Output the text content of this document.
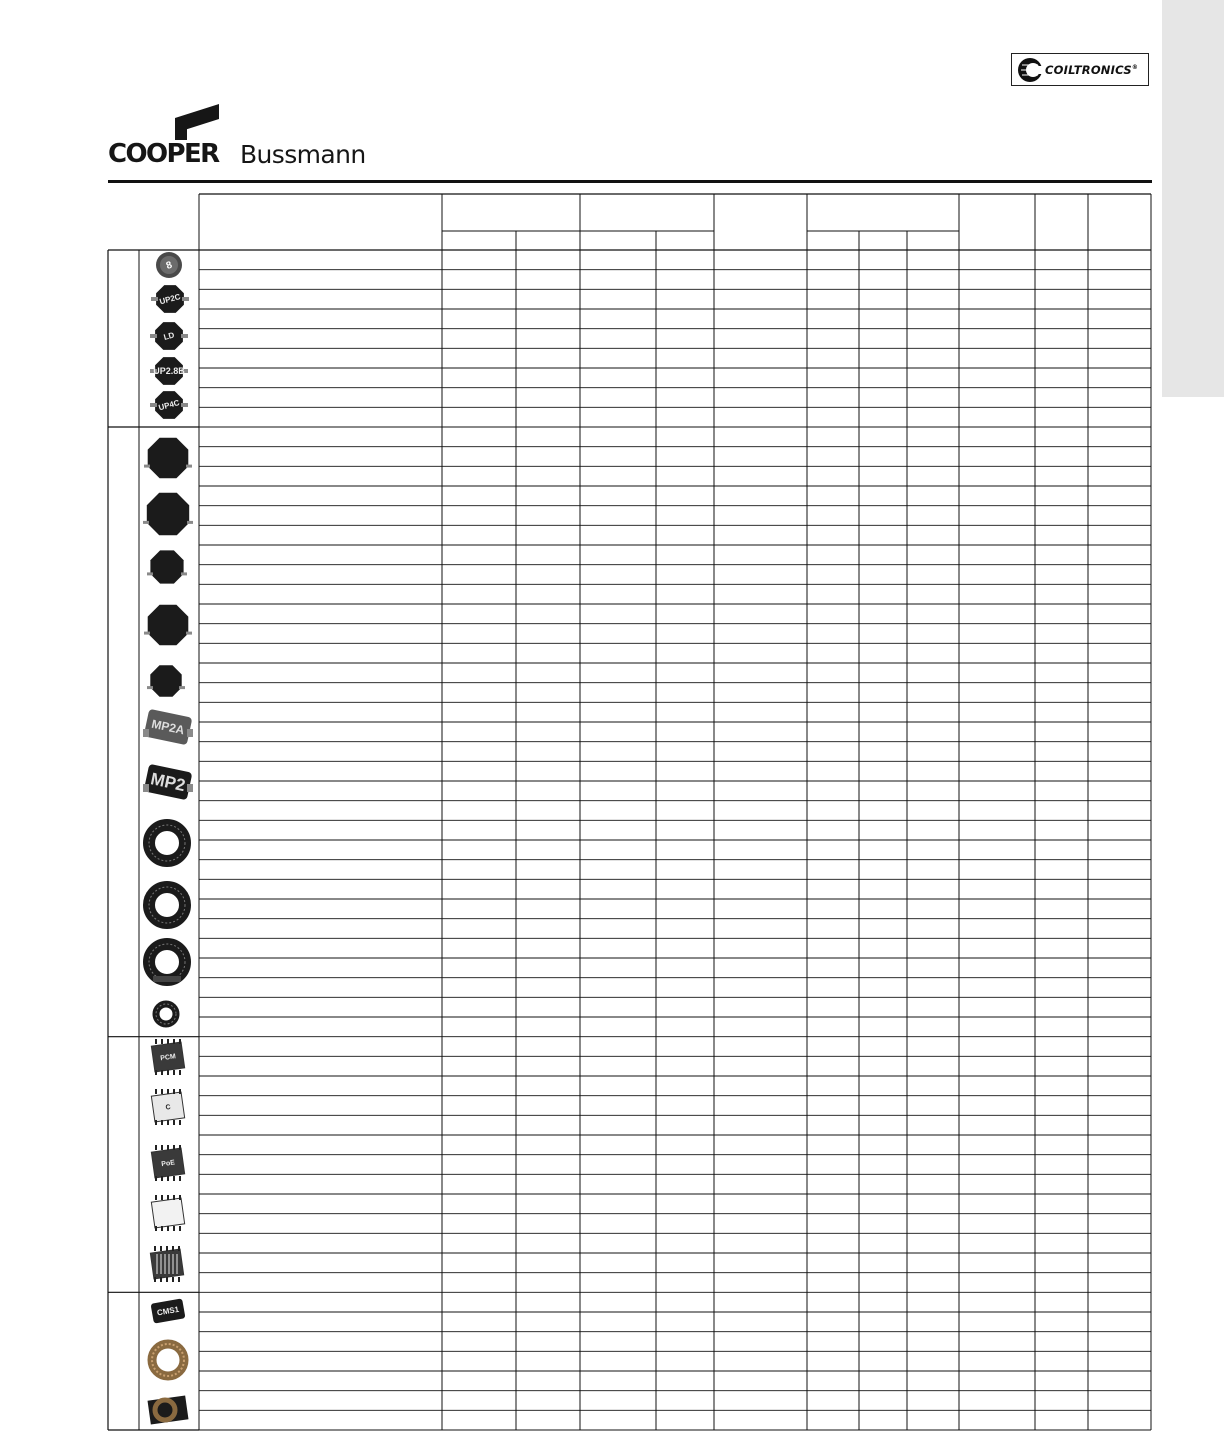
COILTRONICS®
COOPER Bussmann
8
UP2C
LD
UP2.8B
UP4C
MP2A
MP2
PCM
C
PoE
CMS1
